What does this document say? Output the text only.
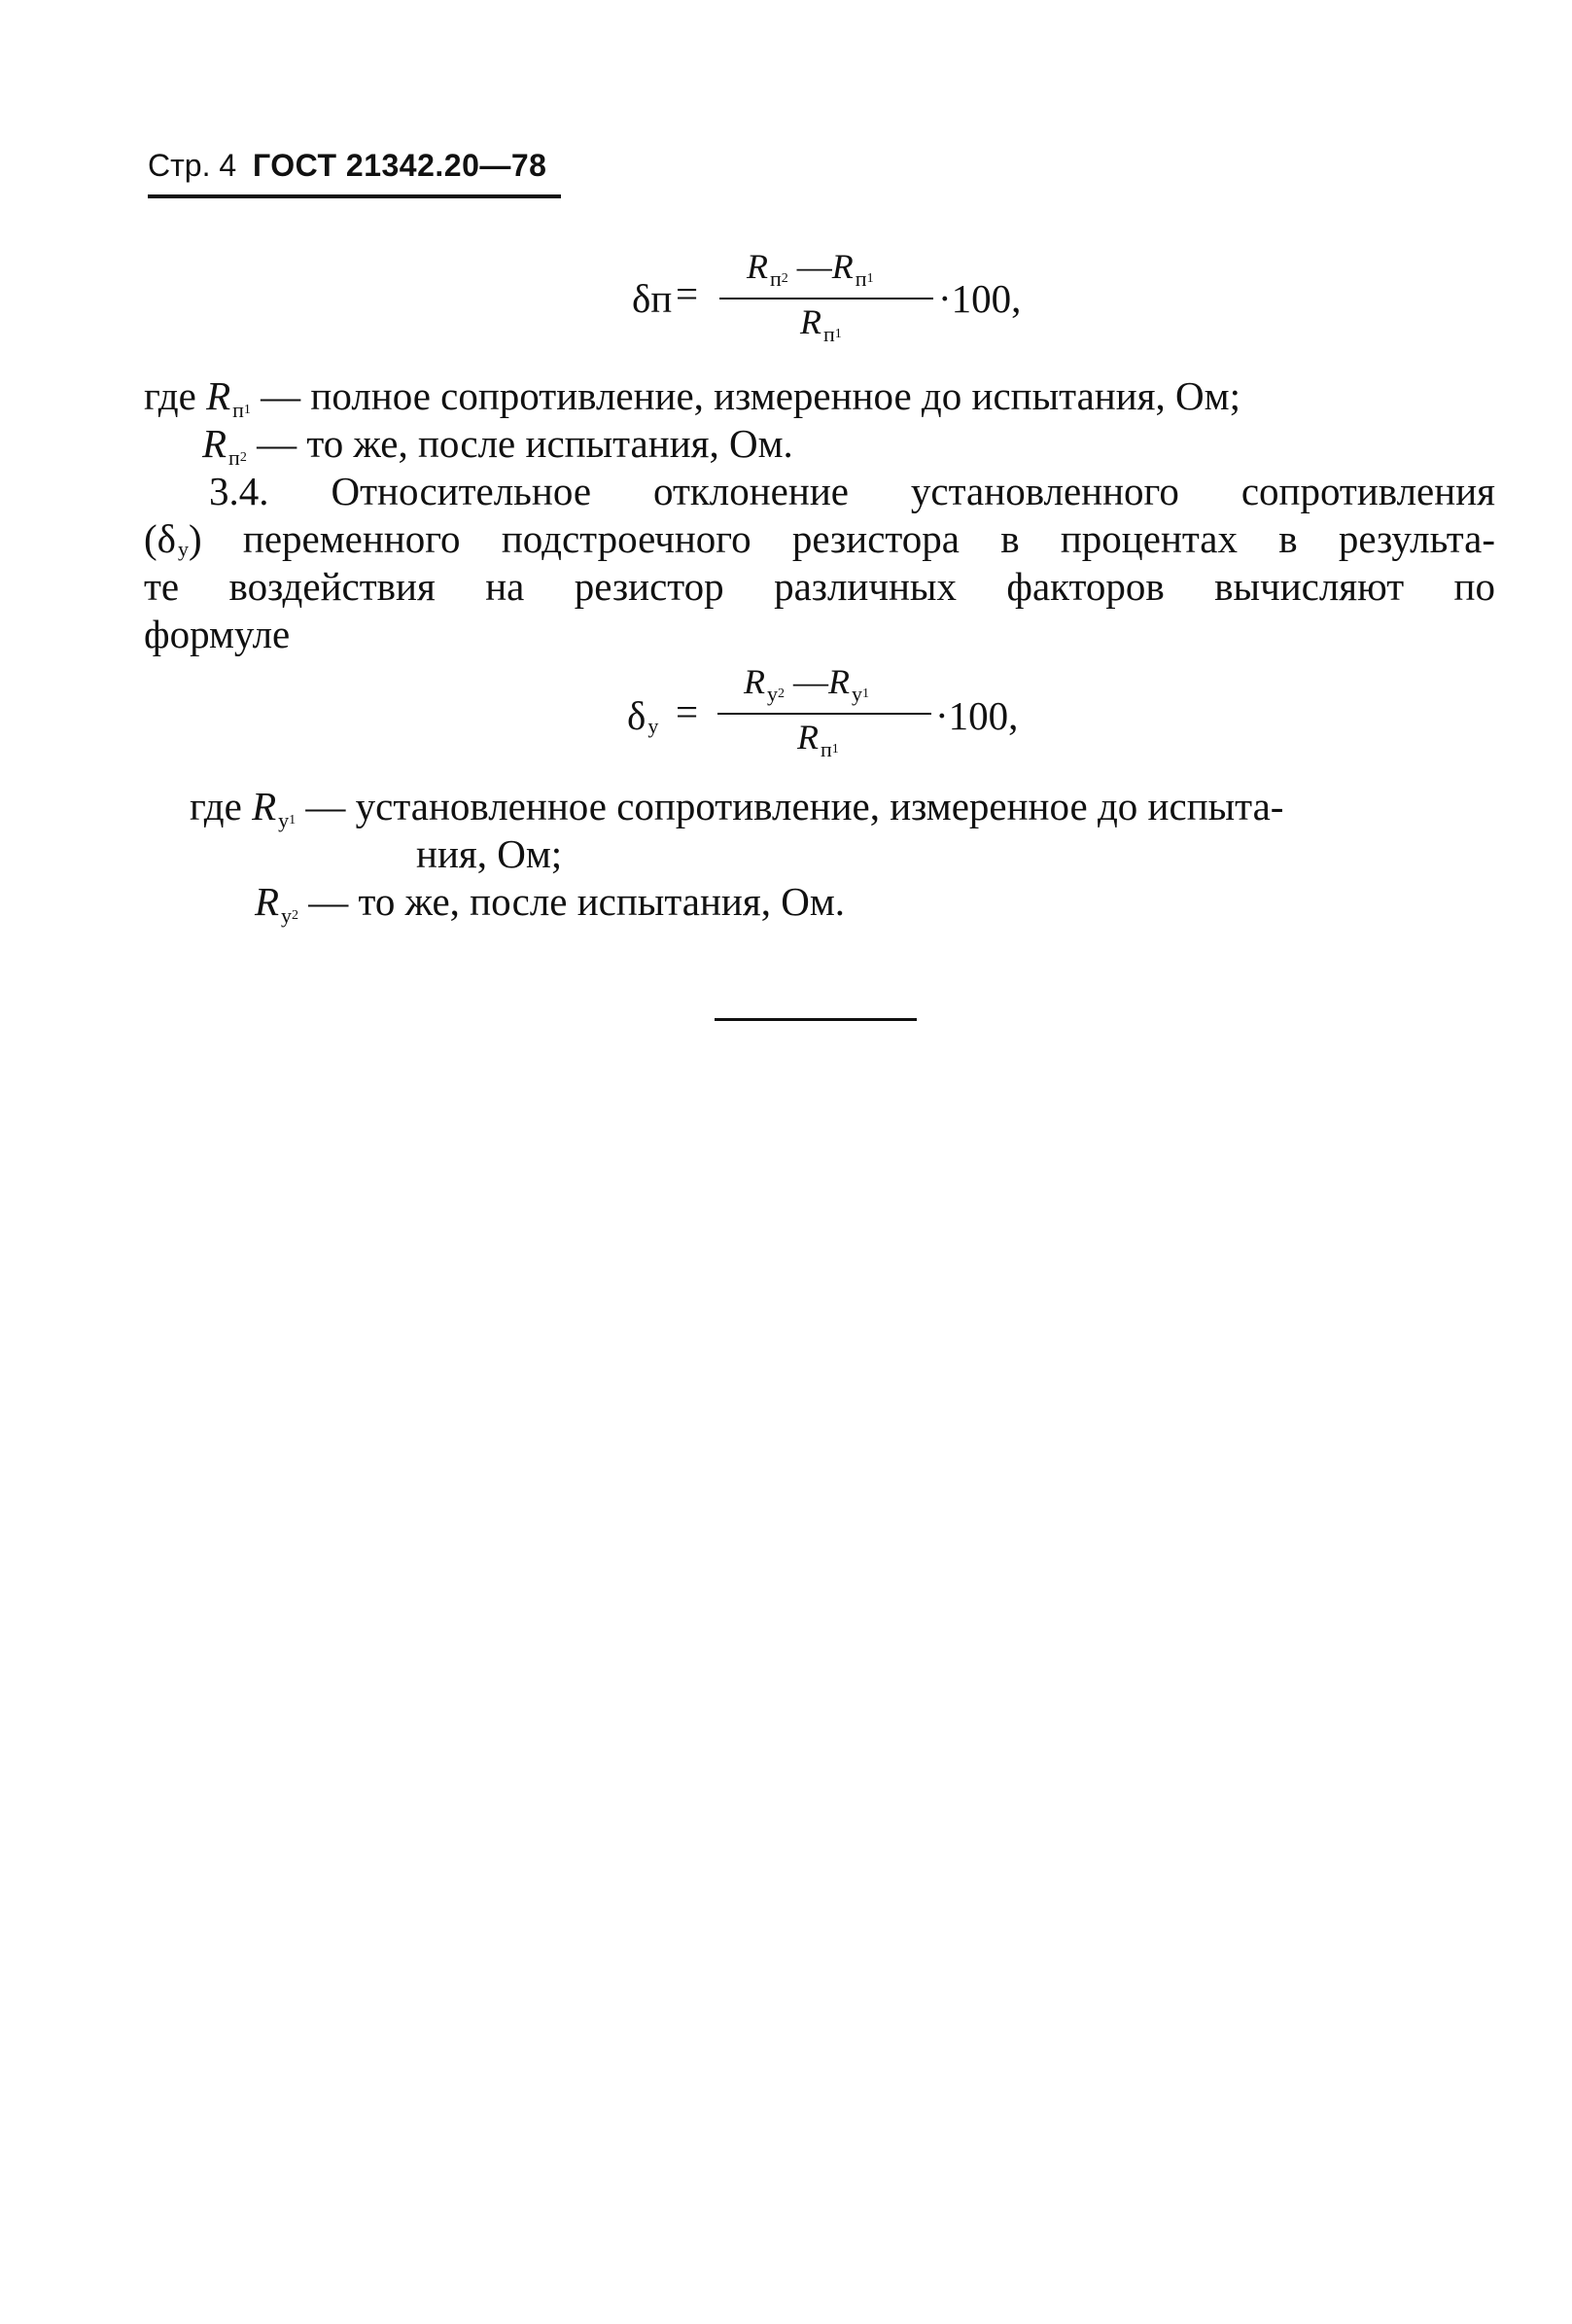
Стр. 4 ГОСТ 21342.20—78
δп =
$R_п2$ $—R_п1$
$R_п1$
·100,
где Rп1 — полное сопротивление, измеренное до испытания, Ом;
Rп2 — то же, после испытания, Ом.
3.4. Относительное отклонение установленного сопротивления
(δу) переменного подстроечного резистора в процентах в результа-
те воздействия на резистор различных факторов вычисляют по
формуле
δу =
$R_у2$ $—R_у1$
$R_п1$
·100,
где Rу1 — установленное сопротивление, измеренное до испыта-
ния, Ом;
Rу2 — то же, после испытания, Ом.
